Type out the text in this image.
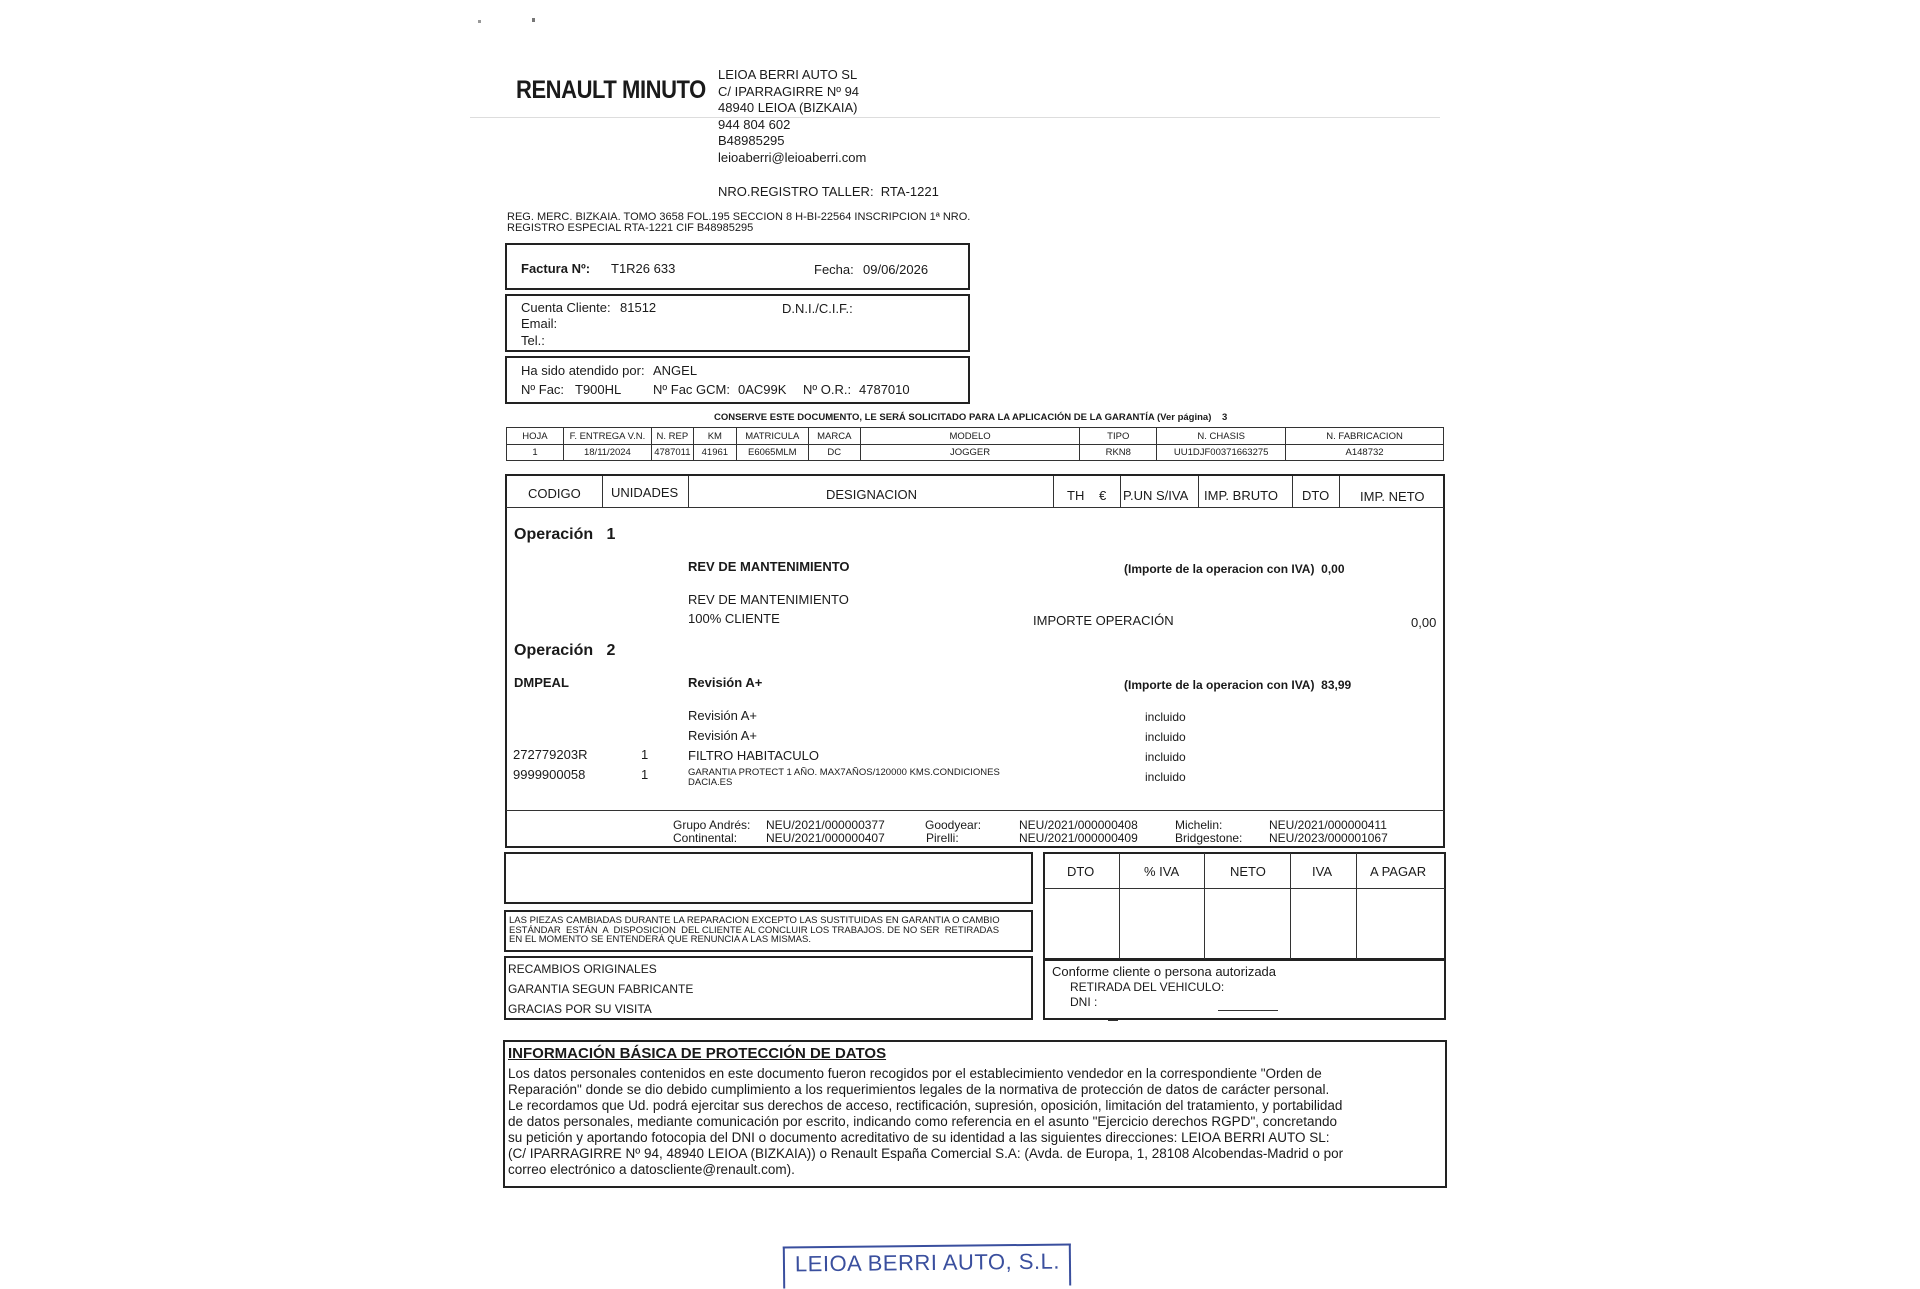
RENAULT MINUTO
LEIOA BERRI AUTO SL
C/ IPARRAGIRRE Nº 94
48940 LEIOA (BIZKAIA)
944 804 602
B48985295
leioaberri@leioaberri.com
NRO.REGISTRO TALLER:  RTA-1221
REG. MERC. BIZKAIA. TOMO 3658 FOL.195 SECCION 8 H-BI-22564 INSCRIPCION 1ª NRO.
REGISTRO ESPECIAL RTA-1221 CIF B48985295
Factura Nº: T1R26 633	Fecha: 09/06/2026
Cuenta Cliente: 81512	D.N.I./C.I.F.:
Email:
Tel.:
Ha sido atendido por: ANGEL
Nº Fac: T900HL Nº Fac GCM: 0AC99K Nº O.R.: 4787010
CONSERVE ESTE DOCUMENTO, LE SERÁ SOLICITADO PARA LA APLICACIÓN DE LA GARANTÍA (Ver página) 3
HOJA	F. ENTREGA V.N.	N. REP	KM	MATRICULA	MARCA	MODELO	TIPO	N. CHASIS	N. FABRICACION
1	18/11/2024	4787011	41961	E6065MLM	DC	JOGGER	RKN8	UU1DJF00371663275	A148732
CODIGO UNIDADES	DESIGNACION	TH € P.UN S/IVA IMP. BRUTO DTO IMP. NETO
Operación   1
REV DE MANTENIMIENTO	(Importe de la operacion con IVA)  0,00
REV DE MANTENIMIENTO
100% CLIENTE	IMPORTE OPERACIÓN	0,00
Operación   2
DMPEAL	Revisión A+	(Importe de la operacion con IVA)  83,99
Revisión A+	incluido
Revisión A+	incluido
272779203R	1	FILTRO HABITACULO	incluido
9999900058	1	GARANTIA PROTECT 1 AÑO. MAX7AÑOS/120000 KMS.CONDICIONES
DACIA.ES	incluido
Grupo Andrés: NEU/2021/000000377	Goodyear:	NEU/2021/000000408	Michelin:	NEU/2021/000000411
Continental: NEU/2021/000000407	Pirelli:	NEU/2021/000000409	Bridgestone: NEU/2023/000001067
DTO	% IVA	NETO	IVA	A PAGAR
LAS PIEZAS CAMBIADAS DURANTE LA REPARACION EXCEPTO LAS SUSTITUIDAS EN GARANTIA O CAMBIO
ESTÁNDAR  ESTÁN  A  DISPOSICION  DEL CLIENTE AL CONCLUIR LOS TRABAJOS. DE NO SER  RETIRADAS
EN EL MOMENTO SE ENTENDERÁ QUE RENUNCIA A LAS MISMAS.
RECAMBIOS ORIGINALES
GARANTIA SEGUN FABRICANTE
GRACIAS POR SU VISITA
Conforme cliente o persona autorizada
RETIRADA DEL VEHICULO:
DNI :
INFORMACIÓN BÁSICA DE PROTECCIÓN DE DATOS
Los datos personales contenidos en este documento fueron recogidos por el establecimiento vendedor en la correspondiente "Orden de
Reparación" donde se dio debido cumplimiento a los requerimientos legales de la normativa de protección de datos de carácter personal.
Le recordamos que Ud. podrá ejercitar sus derechos de acceso, rectificación, supresión, oposición, limitación del tratamiento, y portabilidad
de datos personales, mediante comunicación por escrito, indicando como referencia en el asunto "Ejercicio derechos RGPD", concretando
su petición y aportando fotocopia del DNI o documento acreditativo de su identidad a las siguientes direcciones: LEIOA BERRI AUTO SL:
(C/ IPARRAGIRRE Nº 94, 48940 LEIOA (BIZKAIA)) o Renault España Comercial S.A: (Avda. de Europa, 1, 28108 Alcobendas-Madrid o por
correo electrónico a datoscliente@renault.com).
LEIOA BERRI AUTO, S.L.
